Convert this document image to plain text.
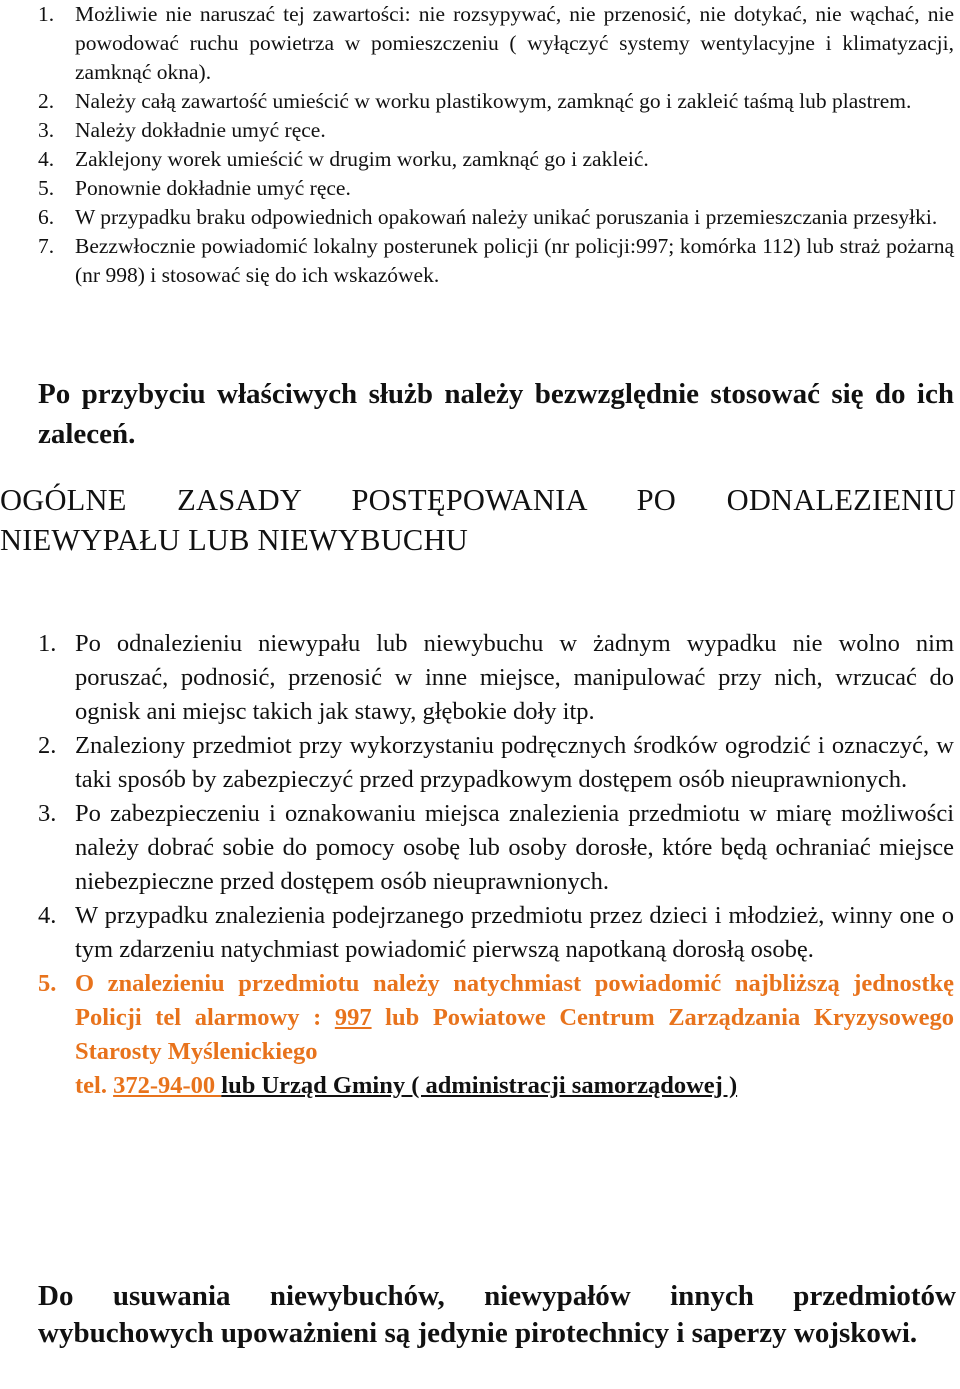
1. Możliwie nie naruszać tej zawartości: nie rozsypywać, nie przenosić, nie dotykać, nie wąchać, nie powodować ruchu powietrza w pomieszczeniu ( wyłączyć systemy wentylacyjne i klimatyzacji, zamknąć okna).
2. Należy całą zawartość umieścić w worku plastikowym, zamknąć go i zakleić taśmą lub plastrem.
3. Należy dokładnie umyć ręce.
4. Zaklejony worek umieścić w drugim worku, zamknąć go i zakleić.
5. Ponownie dokładnie umyć ręce.
6. W przypadku braku odpowiednich opakowań należy unikać poruszania i przemieszczania przesyłki.
7. Bezzwłocznie powiadomić lokalny posterunek policji (nr policji:997; komórka 112) lub straż pożarną (nr 998) i stosować się do ich wskazówek.
Po przybyciu właściwych służb należy bezwzględnie stosować się do ich zaleceń.
OGÓLNE ZASADY POSTĘPOWANIA PO ODNALEZIENIU NIEWYPAŁU LUB NIEWYBUCHU
1. Po odnalezieniu niewypału lub niewybuchu w żadnym wypadku nie wolno nim poruszać, podnosić, przenosić w inne miejsce, manipulować przy nich, wrzucać do ognisk ani miejsc takich jak stawy, głębokie doły itp.
2. Znaleziony przedmiot przy wykorzystaniu podręcznych środków ogrodzić i oznaczyć, w taki sposób by zabezpieczyć przed przypadkowym dostępem osób nieuprawnionych.
3. Po zabezpieczeniu i oznakowaniu miejsca znalezienia przedmiotu w miarę możliwości należy dobrać sobie do pomocy osobę lub osoby dorosłe, które będą ochraniać miejsce niebezpieczne przed dostępem osób nieuprawnionych.
4. W przypadku znalezienia podejrzanego przedmiotu przez dzieci i młodzież, winny one o tym zdarzeniu natychmiast powiadomić pierwszą napotkaną dorosłą osobę.
5. O znalezieniu przedmiotu należy natychmiast powiadomić najbliższą jednostkę Policji tel alarmowy : 997 lub Powiatowe Centrum Zarządzania Kryzysowego Starosty Myślenickiego
tel. 372-94-00 lub Urząd Gminy ( administracji samorządowej )
Do usuwania niewybuchów, niewypałów innych przedmiotów wybuchowych upoważnieni są jedynie pirotechnicy i saperzy wojskowi.
